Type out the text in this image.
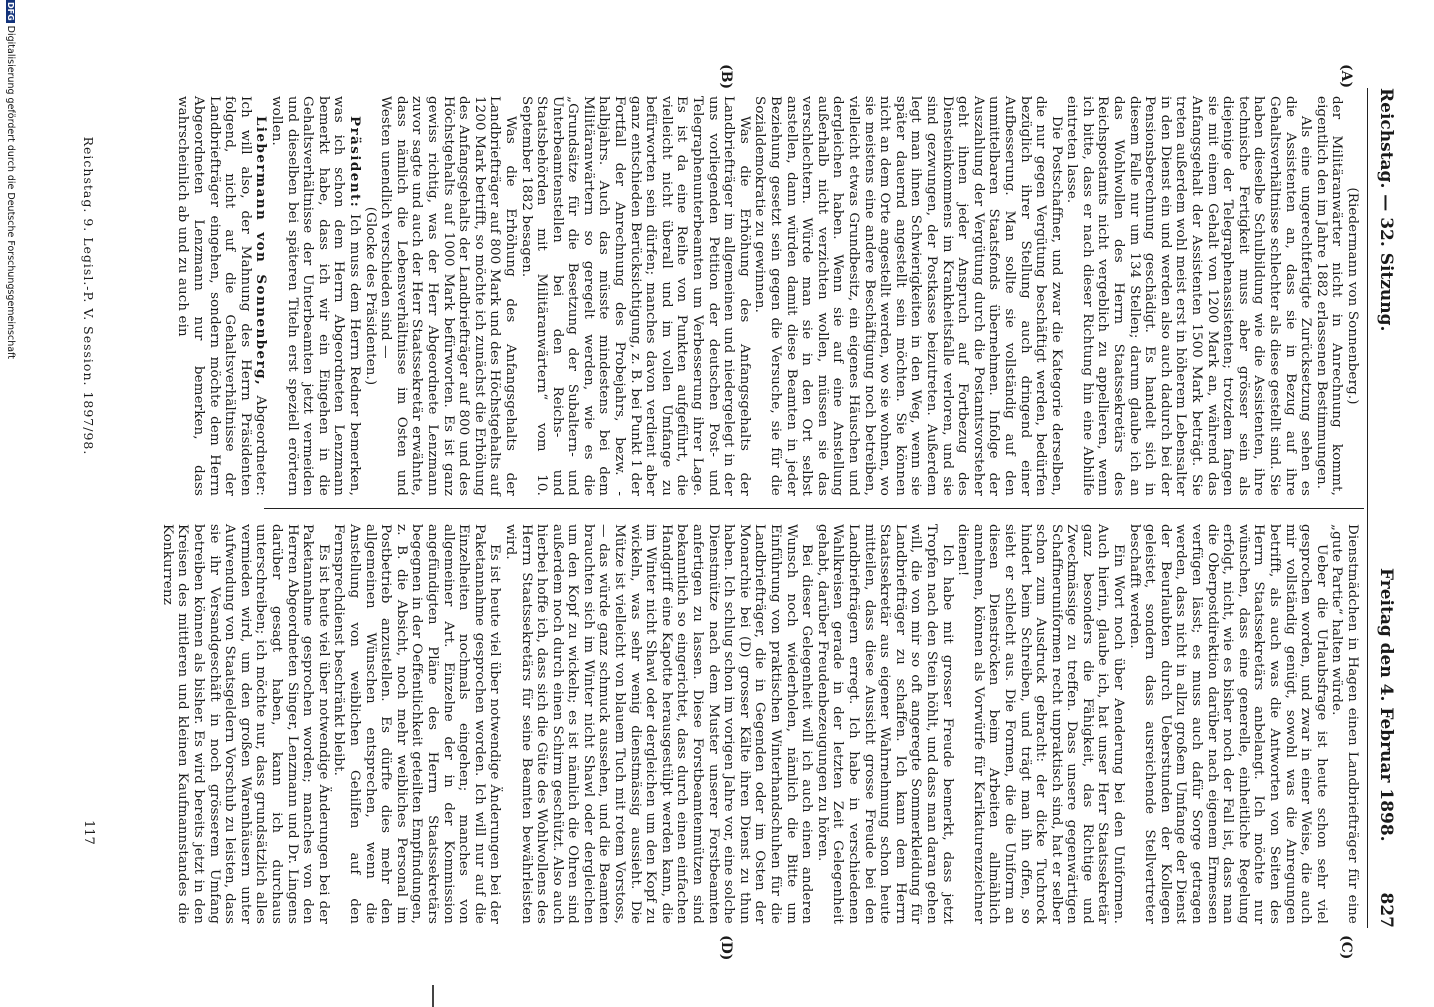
Reichstag. — 32. Sitzung.
Freitag den 4. Februar 1898.
827
(A)
(B)
(C)
(D)

(Riedermann von Sonnenberg.)

der Militäranwärter nicht in Anrechnung kommt, eigentlich den im Jahre 1882 erlassenen Bestimmungen.

Als eine ungerechtfertigte Zurücksetzung sehen es die Assistenten an, dass sie in Bezug auf ihre Gehaltsverhältnisse schlechter als diese gestellt sind. Sie haben dieselbe Schulbildung wie die Assistenten, ihre technische Fertigkeit muss aber grösser sein als diejenige der Telegraphenassistenten; trotzdem fangen sie mit einem Gehalt von 1200 Mark an, während das Anfangsgehalt der Assistenten 1500 Mark beträgt. Sie treten außerdem wohl meist erst in höherem Lebensalter in den Dienst ein und werden also auch dadurch bei der Pensionsberechnung geschädigt. Es handelt sich in diesem Falle nur um 134 Stellen; darum glaube ich an das Wohlwollen des Herrn Staatssekretärs des Reichspostamts nicht vergeblich zu appellieren, wenn ich bitte, dass er nach dieser Richtung hin eine Abhilfe eintreten lasse.

Die Postschaffner, und zwar die Kategorie derselben, die nur gegen Vergütung beschäftigt werden, bedürfen bezüglich ihrer Stellung auch dringend einer Aufbesserung. Man sollte sie vollständig auf den unmittelbaren Staatsfonds übernehmen. Infolge der Auszahlung der Vergütung durch die Postamtsvorsteher geht ihnen jeder Anspruch auf Fortbezug des Diensteinkommens im Krankheitsfalle verloren, und sie sind gezwungen, der Postkasse beizutreten. Außerdem legt man ihnen Schwierigkeiten in den Weg, wenn sie später dauernd angestellt sein möchten. Sie können nicht an dem Orte angestellt werden, wo sie wohnen, wo sie meistens eine andere Beschäftigung noch betreiben, vielleicht etwas Grundbesitz, ein eigenes Häuschen und dergleichen haben. Wenn sie auf eine Anstellung außerhalb nicht verzichten wollen, müssen sie das verschlechtern. Würde man sie in den Ort selbst anstellen, dann würden damit diese Beamten in jeder Beziehung gesetzt sein gegen die Versuche, sie für die Sozialdemokratie zu gewinnen.

Was die Erhöhung des Anfangsgehalts der Landbriefträger im allgemeinen und niedergelegt in der uns vorliegenden Petition der deutschen Post- und Telegraphenunterbeamten um Verbesserung ihrer Lage. Es ist da eine Reihe von Punkten aufgeführt, die vielleicht nicht überall und im vollen Umfange zu befürworten sein dürfen; manches davon verdient aber ganz entschieden Berücksichtigung, z. B. bei Punkt 1 der Fortfall der Anrechnung des Probejahrs, bezw. -halbjahrs. Auch das müsste mindestens bei dem Militäranwärtern so geregelt werden, wie es die „Grundsätze für die Besetzung der Subaltern- und Unterbeamtenstellen bei den Reichs- und Staatsbehörden mit Militäranwärtern“ vom 10. September 1882 besagen.

Was die Erhöhung des Anfangsgehalts der Landbriefträger auf 800 Mark und des Höchstgehalts auf 1200 Mark betrifft, so möchte ich zunächst die Erhöhung des Anfangsgehalts der Landbriefträger auf 800 und des Höchstgehalts auf 1000 Mark befürworten. Es ist ganz gewiss richtig, was der Herr Abgeordnete Lenzmann zuvor sagte und auch der Herr Staatssekretär erwähnte, dass nämlich die Lebensverhältnisse im Osten und Westen unendlich verschieden sind —

(Glocke des Präsidenten.)

Präsident: Ich muss dem Herrn Redner bemerken, was ich schon dem Herrn Abgeordneten Lenzmann bemerkt habe, dass ich wir ein Eingehen in die Gehaltsverhältnisse der Unterbeamten jetzt vermeiden und dieselben bei späteren Titeln erst speziell erörtern wollen.

Liebermann von Sonnenberg, Abgeordneter: Ich will also, der Mahnung des Herrn Präsidenten folgend, nicht auf die Gehaltsverhältnisse der Landbriefträger eingehen, sondern möchte dem Herrn Abgeordneten Lenzmann nur bemerken, dass wahrscheinlich ab und zu auch ein

Dienstmädchen in Hagen einen Landbriefträger für eine „gute Partie“ halten würde.

Ueber die Urlaubsfrage ist heute schon sehr viel gesprochen worden, und zwar in einer Weise, die auch mir vollständig genügt, sowohl was die Anregungen betrifft, als auch was die Antworten von Seiten des Herrn Staatssekretärs anbelangt. Ich möchte nur wünschen, dass eine generelle, einheitliche Regelung erfolgt, nicht, wie es bisher noch der Fall ist, dass man die Oberpostdirektion darüber nach eigenem Ermessen verfügen lässt; es muss auch dafür Sorge getragen werden, dass nicht in allzu großem Umfange der Dienst der Beurlaubten durch Ueberstunden der Kollegen geleistet, sondern dass ausreichende Stellvertreter beschafft werden.

Ein Wort noch über Aenderung bei den Uniformen. Auch hierin, glaube ich, hat unser Herr Staatssekretär ganz besonders die Fähigkeit, das Richtige und Zweckmässige zu treffen. Dass unsere gegenwärtigen Schaffneruniformen recht unpraktisch sind, hat er selber schon zum Ausdruck gebracht: der dicke Tuchrock hindert beim Schreiben, und trägt man ihn offen, so sieht er schlecht aus. Die Formen, die die Uniform an diesen Dienströcken beim Arbeiten allmählich annehmen, können als Vorwürfe für Karikaturenzeichner dienen!

Ich habe mit grosser Freude bemerkt, dass jetzt Tropfen nach den Stein höhlt, und dass man daran gehen will, die von mir so oft angeregte Sommerkleidung für Landbriefträger zu schaffen. Ich kann dem Herrn Staatssekretär aus eigener Wahrnehmung schon heute mitteilen, dass diese Aussicht grosse Freude bei den Landbriefträgern erregt. Ich habe in verschiedenen Wahlkreisen gerade in der letzten Zeit Gelegenheit gehabt, darüber Freudenbezeugungen zu hören.

Bei dieser Gelegenheit will ich auch einen anderen Wunsch noch wiederholen, nämlich die Bitte um Einführung von praktischen Winterhandschuhen für die Landbriefträger, die in Gegenden oder im Osten der Monarchie bei (D) grosser Kälte ihren Dienst zu thun haben. Ich schlug schon im vorigen Jahre vor, eine solche Dienstmütze nach dem Muster unserer Forstbeamten anfertigen zu lassen. Diese Forstbeamtenmützen sind bekanntlich so eingerichtet, dass durch einen einfachen Handgriff eine Kapotte herausgestülpt werden kann, die im Winter nicht Shawl oder dergleichen um den Kopf zu wickeln, was sehr wenig dienstmässig aussieht. Die Mütze ist vielleicht von blauem Tuch mit rotem Vorstoss, — das würde ganz schmuck aussehen, und die Beamten brauchten sich im Winter nicht Shawl oder dergleichen um den Kopf zu wickeln; es ist nämlich die Ohren sind außerdem noch durch einen Schirm geschützt. Also auch hierbei hoffe ich, dass sich die Güte des Wohlwollens des Herrn Staatssekretärs für seine Beamten bewährleisten wird.

Es ist heute viel über notwendige Änderungen bei der Paketannahme gesprochen worden. Ich will nur auf die Einzelheiten nochmals eingehen; manches von allgemeiner Art. Einzelne der in der Kommission angefündigten Pläne des Herrn Staatssekretärs begegnen in der Oeffentlichkeit geteilten Empfindungen, z. B. die Absicht, noch mehr weibliches Personal im Postbetrieb anzustellen. Es dürfte dies mehr den allgemeinen Wünschen entsprechen, wenn die Anstellung von weiblichen Gehilfen auf den Fernsprechdienst beschränkt bleibt.

Es ist heute viel über notwendige Änderungen bei der Paketannahme gesprochen worden; manches von den Herren Abgeordneten Singer, Lenzmann und Dr. Lingens darüber gesagt haben, kann ich durchaus unterschreiben; ich möchte nur, dass grundsätzlich alles vermieden wird, um den großen Warenhäusern unter Aufwendung von Staatsgeldern Vorschub zu leisten, dass sie ihr Versandgeschäft in noch grösserem Umfang betreiben können als bisher. Es wird bereits jetzt in den Kreisen des mittleren und kleinen Kaufmannstandes die Konkurrenz

Reichstag. 9. Legisl.-P. V. Session. 1897/98.
117
DFGDigitalisierung gefördert durch die Deutsche Forschungsgemeinschaft
